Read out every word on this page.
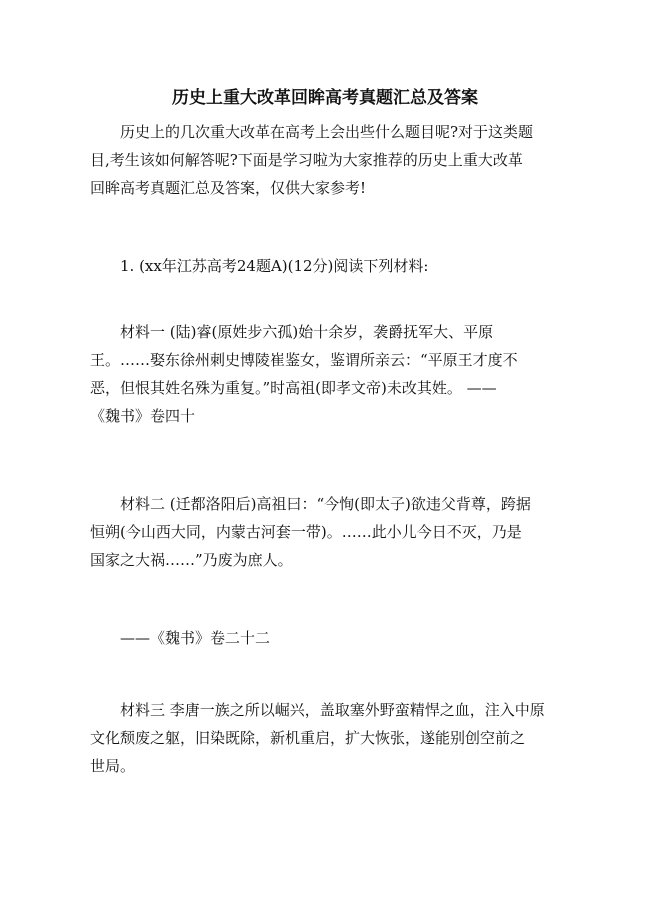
历史上重大改革回眸高考真题汇总及答案

历史上的几次重大改革在高考上会出些什么题目呢?对于这类题
目,考生该如何解答呢?下面是学习啦为大家推荐的历史上重大改革
回眸高考真题汇总及答案，仅供大家参考!

1. (xx年江苏高考24题A)(12分)阅读下列材料:

材料一 (陆)睿(原姓步六孤)始十余岁，袭爵抚军大、平原
王。……娶东徐州刺史博陵崔鉴女，鉴谓所亲云：“平原王才度不
恶，但恨其姓名殊为重复。”时高祖(即孝文帝)未改其姓。 ——
《魏书》卷四十

材料二 (迁都洛阳后)高祖曰：“今恂(即太子)欲违父背尊，跨据
恒朔(今山西大同，内蒙古河套一带)。……此小儿今日不灭，乃是
国家之大祸……”乃废为庶人。

——《魏书》卷二十二

材料三 李唐一族之所以崛兴，盖取塞外野蛮精悍之血，注入中原
文化颓废之躯，旧染既除，新机重启，扩大恢张，遂能别创空前之
世局。
